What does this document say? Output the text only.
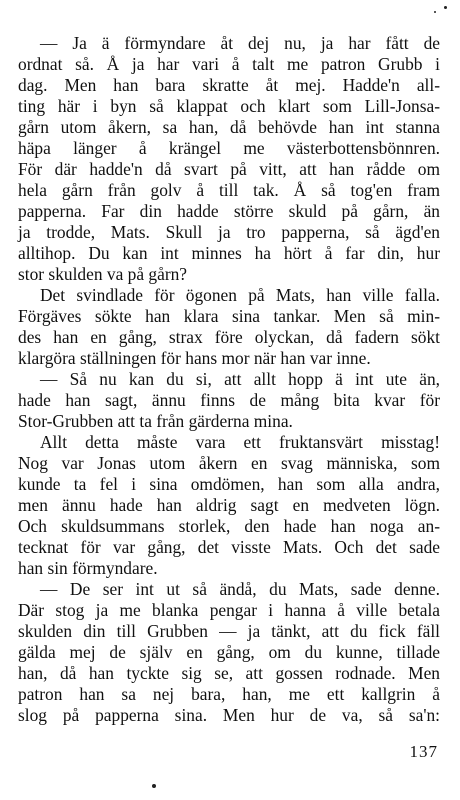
— Ja ä förmyndare åt dej nu, ja har fått de
ordnat så. Å ja har vari å talt me patron Grubb i
dag. Men han bara skratte åt mej. Hadde'n all-
ting här i byn så klappat och klart som Lill-Jonsa-
gårn utom åkern, sa han, då behövde han int stanna
häра länger å krängel me västerbottensbönnren.
För där hadde'n då svart på vitt, att han rådde om
hela gårn från golv å till tak. Å så tog'en fram
papperna. Far din hadde större skuld på gårn, än
ja trodde, Mats. Skull ja tro papperna, så ägd'en
alltihop. Du kan int minnes ha hört å far din, hur
stor skulden va på gårn?
Det svindlade för ögonen på Mats, han ville falla.
Förgäves sökte han klara sina tankar. Men så min-
des han en gång, strax före olyckan, då fadern sökt
klargöra ställningen för hans mor när han var inne.
— Så nu kan du si, att allt hopp ä int ute än,
hade han sagt, ännu finns de mång bita kvar för
Stor-Grubben att ta från gärderna mina.
Allt detta måste vara ett fruktansvärt misstag!
Nog var Jonas utom åkern en svag människa, som
kunde ta fel i sina omdömen, han som alla andra,
men ännu hade han aldrig sagt en medveten lögn.
Och skuldsummans storlek, den hade han noga an-
tecknat för var gång, det visste Mats. Och det sade
han sin förmyndare.
— De ser int ut så ändå, du Mats, sade denne.
Där stog ja me blanka pengar i hanna å ville betala
skulden din till Grubben — ja tänkt, att du fick fäll
gälda mej de själv en gång, om du kunne, tillade
han, då han tyckte sig se, att gossen rodnade. Men
patron han sa nej bara, han, me ett kallgrin å
slog på papperna sina. Men hur de va, så sa'n:
137
